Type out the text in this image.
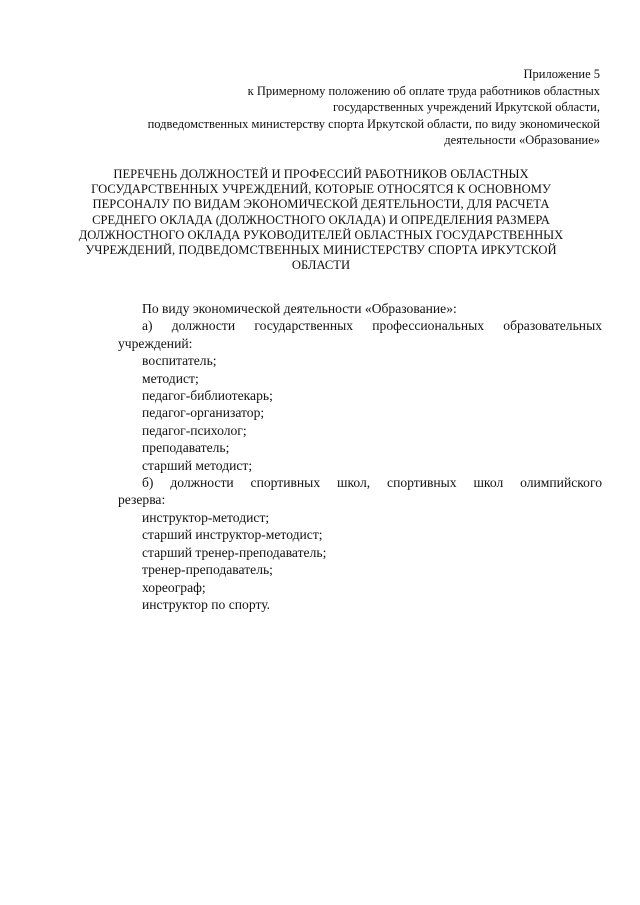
Приложение 5
к Примерному положению об оплате труда работников областных
государственных учреждений Иркутской области,
подведомственных министерству спорта Иркутской области, по виду экономической
деятельности «Образование»
ПЕРЕЧЕНЬ ДОЛЖНОСТЕЙ И ПРОФЕССИЙ РАБОТНИКОВ ОБЛАСТНЫХ
ГОСУДАРСТВЕННЫХ УЧРЕЖДЕНИЙ, КОТОРЫЕ ОТНОСЯТСЯ К ОСНОВНОМУ
ПЕРСОНАЛУ ПО ВИДАМ ЭКОНОМИЧЕСКОЙ ДЕЯТЕЛЬНОСТИ, ДЛЯ РАСЧЕТА
СРЕДНЕГО ОКЛАДА (ДОЛЖНОСТНОГО ОКЛАДА) И ОПРЕДЕЛЕНИЯ РАЗМЕРА
ДОЛЖНОСТНОГО ОКЛАДА РУКОВОДИТЕЛЕЙ ОБЛАСТНЫХ ГОСУДАРСТВЕННЫХ
УЧРЕЖДЕНИЙ, ПОДВЕДОМСТВЕННЫХ МИНИСТЕРСТВУ СПОРТА ИРКУТСКОЙ
ОБЛАСТИ
По виду экономической деятельности «Образование»:
а) должности государственных профессиональных образовательных
учреждений:
воспитатель;
методист;
педагог-библиотекарь;
педагог-организатор;
педагог-психолог;
преподаватель;
старший методист;
б) должности спортивных школ, спортивных школ олимпийского
резерва:
инструктор-методист;
старший инструктор-методист;
старший тренер-преподаватель;
тренер-преподаватель;
хореограф;
инструктор по спорту.
